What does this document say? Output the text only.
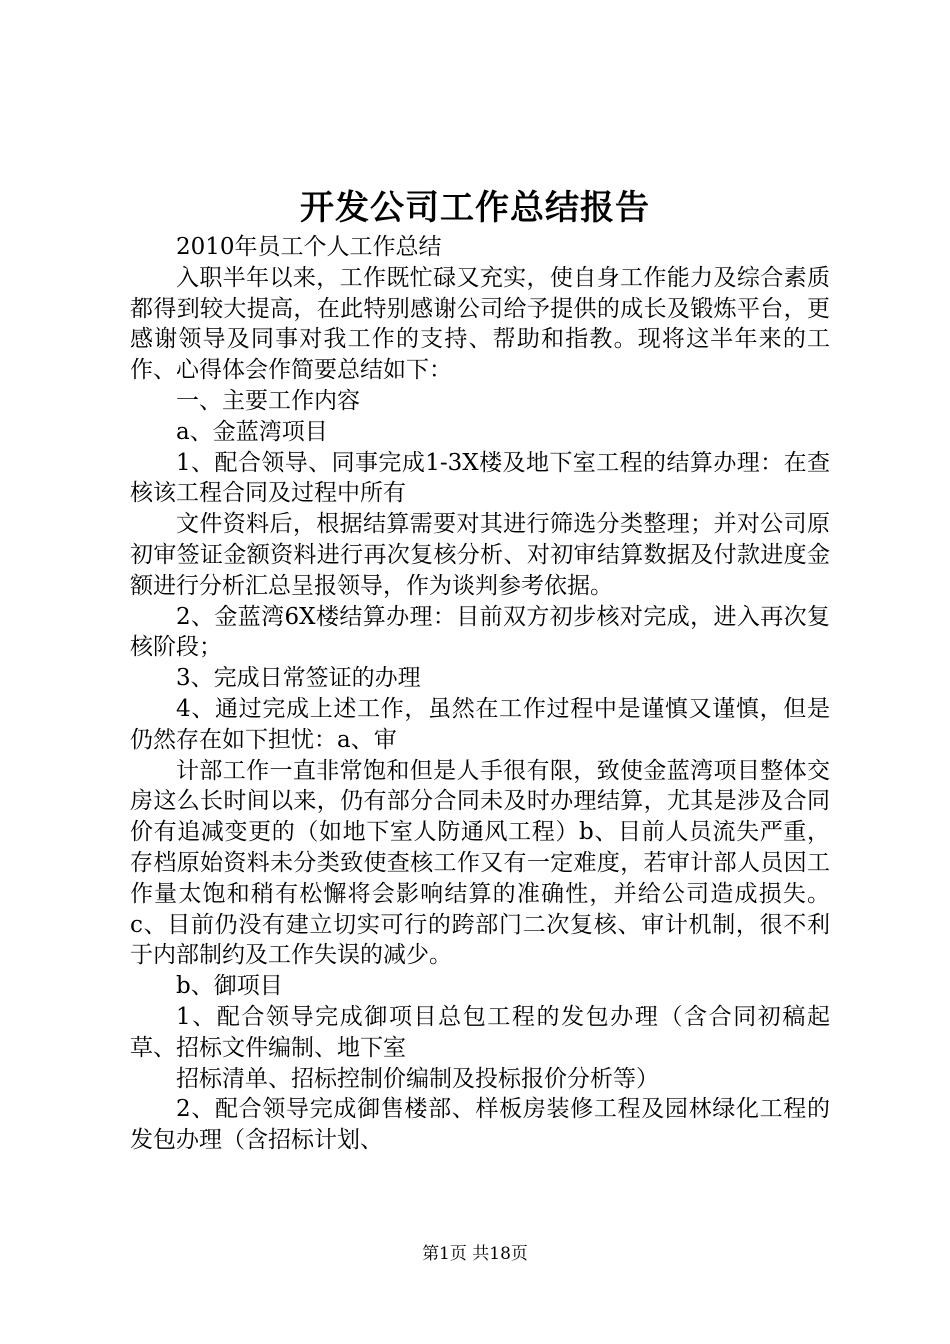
开发公司工作总结报告

2010年员工个人工作总结

入职半年以来，工作既忙碌又充实，使自身工作能力及综合素质都得到较大提高，在此特别感谢公司给予提供的成长及锻炼平台，更感谢领导及同事对我工作的支持、帮助和指教。现将这半年来的工作、心得体会作简要总结如下：

一、主要工作内容

a、金蓝湾项目

1、配合领导、同事完成1-3X楼及地下室工程的结算办理：在查核该工程合同及过程中所有

文件资料后，根据结算需要对其进行筛选分类整理；并对公司原初审签证金额资料进行再次复核分析、对初审结算数据及付款进度金额进行分析汇总呈报领导，作为谈判参考依据。

2、金蓝湾6X楼结算办理：目前双方初步核对完成，进入再次复核阶段；

3、完成日常签证的办理

4、通过完成上述工作，虽然在工作过程中是谨慎又谨慎，但是仍然存在如下担忧：a、审

计部工作一直非常饱和但是人手很有限，致使金蓝湾项目整体交房这么长时间以来，仍有部分合同未及时办理结算，尤其是涉及合同价有追减变更的（如地下室人防通风工程）b、目前人员流失严重，存档原始资料未分类致使查核工作又有一定难度，若审计部人员因工作量太饱和稍有松懈将会影响结算的准确性，并给公司造成损失。c、目前仍没有建立切实可行的跨部门二次复核、审计机制，很不利于内部制约及工作失误的减少。

b、御项目

1、配合领导完成御项目总包工程的发包办理（含合同初稿起草、招标文件编制、地下室

招标清单、招标控制价编制及投标报价分析等）

2、配合领导完成御售楼部、样板房装修工程及园林绿化工程的发包办理（含招标计划、

第1页 共18页
